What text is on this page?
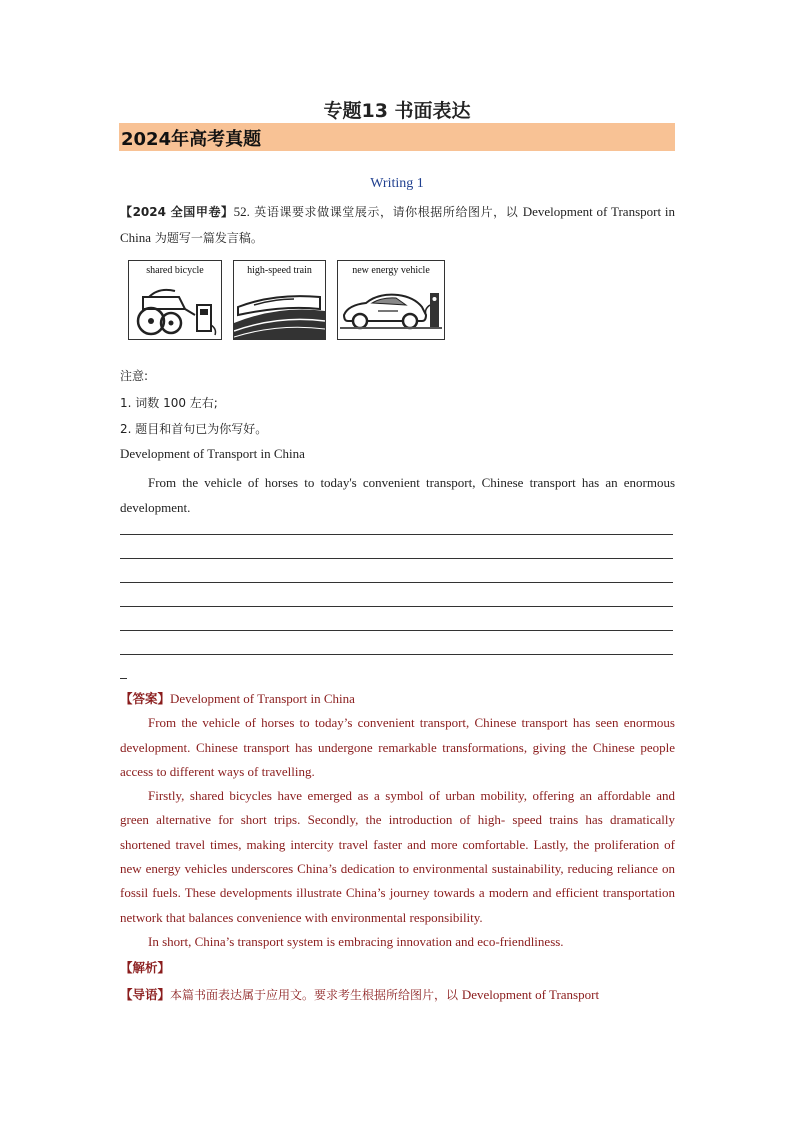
专题13 书面表达
2024年高考真题
Writing 1
【2024 全国甲卷】52. 英语课要求做课堂展示，请你根据所给图片，以 Development of Transport in China 为题写一篇发言稿。
shared bicycle	high-speed train	new energy vehicle
注意:
1. 词数 100 左右;
2. 题目和首句已为你写好。
Development of Transport in China
From the vehicle of horses to today's convenient transport, Chinese transport has an enormous development.

【答案】Development of Transport in China

From the vehicle of horses to today’s convenient transport, Chinese transport has seen enormous development. Chinese transport has undergone remarkable transformations, giving the Chinese people access to different ways of travelling.

Firstly, shared bicycles have emerged as a symbol of urban mobility, offering an affordable and green alternative for short trips. Secondly, the introduction of high- speed trains has dramatically shortened travel times, making intercity travel faster and more comfortable. Lastly, the proliferation of new energy vehicles underscores China’s dedication to environmental sustainability, reducing reliance on fossil fuels. These developments illustrate China’s journey towards a modern and efficient transportation network that balances convenience with environmental responsibility.

In short, China’s transport system is embracing innovation and eco-friendliness.

【解析】
【导语】本篇书面表达属于应用文。要求考生根据所给图片，以 Development of Transport
